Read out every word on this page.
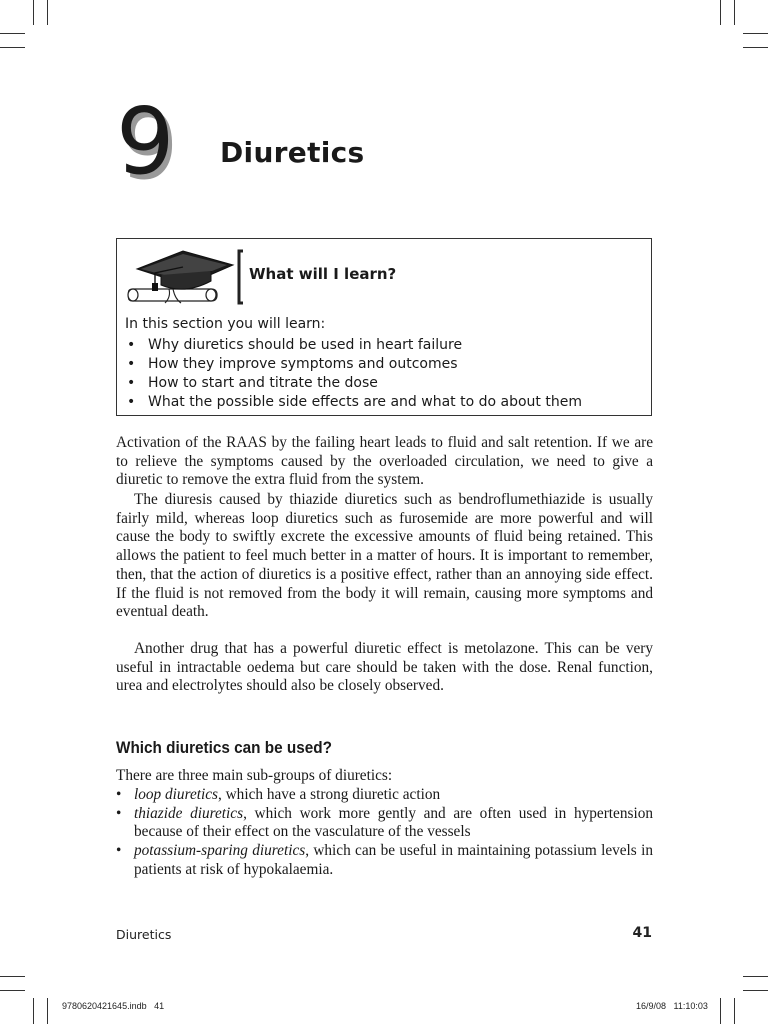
9 Diuretics
What will I learn?
In this section you will learn:
• Why diuretics should be used in heart failure
• How they improve symptoms and outcomes
• How to start and titrate the dose
• What the possible side effects are and what to do about them
Activation of the RAAS by the failing heart leads to fluid and salt retention. If we are to relieve the symptoms caused by the overloaded circulation, we need to give a diuretic to remove the extra fluid from the system.
The diuresis caused by thiazide diuretics such as bendroflumethiazide is usually fairly mild, whereas loop diuretics such as furosemide are more powerful and will cause the body to swiftly excrete the excessive amounts of fluid being retained. This allows the patient to feel much better in a matter of hours. It is important to remember, then, that the action of diuretics is a positive effect, rather than an annoying side effect. If the fluid is not removed from the body it will remain, causing more symptoms and eventual death.
Another drug that has a powerful diuretic effect is metolazone. This can be very useful in intractable oedema but care should be taken with the dose. Renal function, urea and electrolytes should also be closely observed.
Which diuretics can be used?
There are three main sub-groups of diuretics:
• loop diuretics, which have a strong diuretic action
• thiazide diuretics, which work more gently and are often used in hypertension because of their effect on the vasculature of the vessels
• potassium-sparing diuretics, which can be useful in maintaining potassium levels in patients at risk of hypokalaemia.
Diuretics	41
9780620421645.indb   41	16/9/08   11:10:03
